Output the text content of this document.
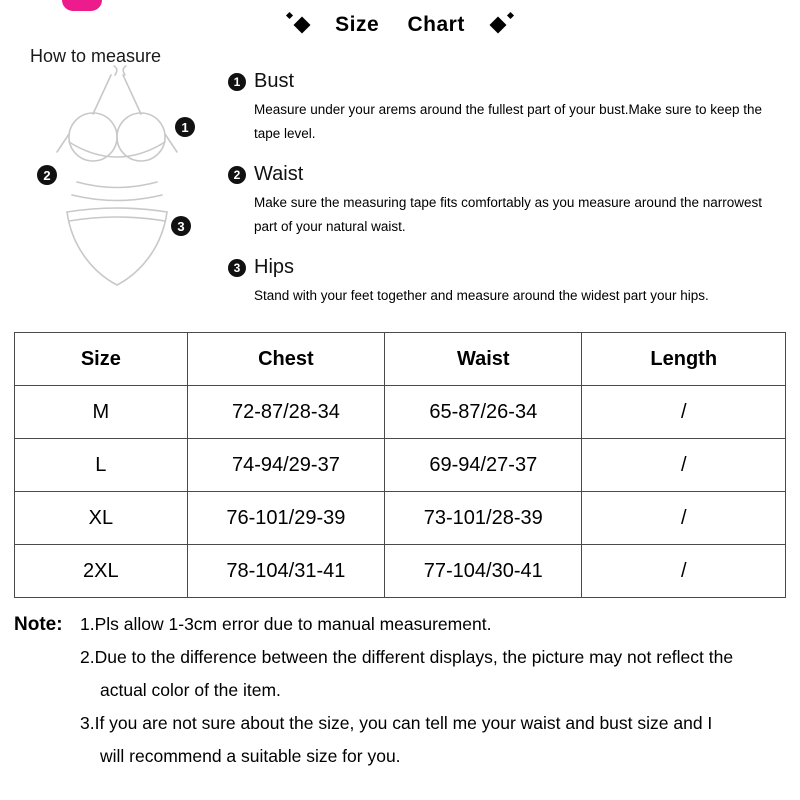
Size Chart
How to measure
1
2
3
1 Bust
Measure under your arems around the fullest part of your bust.Make sure to keep the tape level.
2 Waist
Make sure the measuring tape fits comfortably as you measure around the narrowest part of your natural waist.
3 Hips
Stand with your feet together and measure around the widest part your hips.
Size	Chest	Waist	Length
M	72-87/28-34	65-87/26-34	/
L	74-94/29-37	69-94/27-37	/
XL	76-101/29-39	73-101/28-39	/
2XL	78-104/31-41	77-104/30-41	/
Note: 1.Pls allow 1-3cm error due to manual measurement.
2.Due to the difference between the different displays, the picture may not reflect the actual color of the item.
3.If you are not sure about the size, you can tell me your waist and bust size and I will recommend a suitable size for you.
